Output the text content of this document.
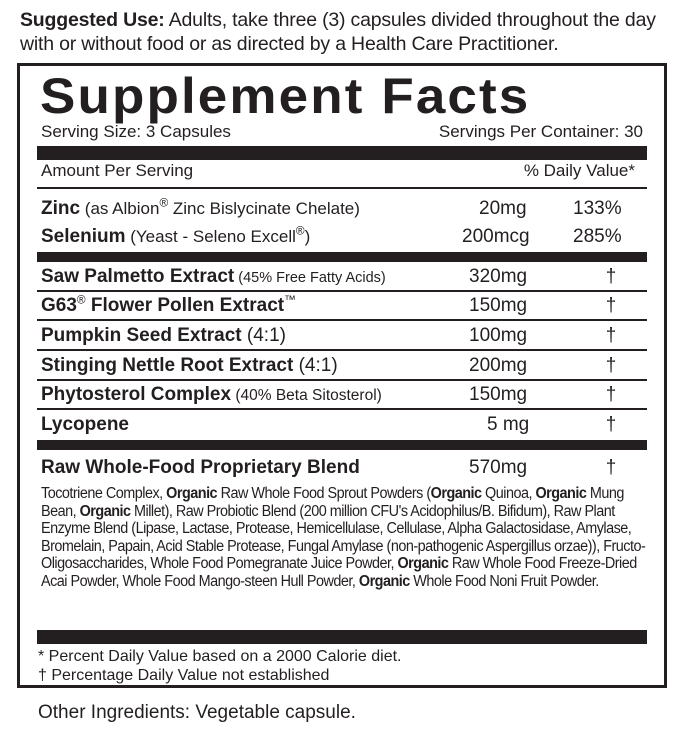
Suggested Use: Adults, take three (3) capsules divided throughout the day with or without food or as directed by a Health Care Practitioner.
Supplement Facts
Serving Size: 3 Capsules	Servings Per Container: 30
Amount Per Serving	% Daily Value*
Zinc (as Albion® Zinc Bislycinate Chelate)	20mg 133%
Selenium (Yeast - Seleno Excell®)	200mcg 285%
Saw Palmetto Extract (45% Free Fatty Acids)	320mg	†
G63® Flower Pollen Extract™	150mg	†
Pumpkin Seed Extract (4:1)	100mg	†
Stinging Nettle Root Extract (4:1)	200mg	†
Phytosterol Complex (40% Beta Sitosterol)	150mg	†
Lycopene	5 mg	†
Raw Whole-Food Proprietary Blend	570mg	†
Tocotriene Complex, Organic Raw Whole Food Sprout Powders (Organic Quinoa, Organic Mung Bean, Organic Millet), Raw Probiotic Blend (200 million CFU's Acidophilus/B. Bifidum), Raw Plant Enzyme Blend (Lipase, Lactase, Protease, Hemicellulase, Cellulase, Alpha Galactosidase, Amylase, Bromelain, Papain, Acid Stable Protease, Fungal Amylase (non-pathogenic Aspergillus orzae)), Fructo-Oligosaccharides, Whole Food Pomegranate Juice Powder, Organic Raw Whole Food Freeze-Dried Acai Powder, Whole Food Mango-steen Hull Powder, Organic Whole Food Noni Fruit Powder.
* Percent Daily Value based on a 2000 Calorie diet.
† Percentage Daily Value not established
Other Ingredients: Vegetable capsule.
